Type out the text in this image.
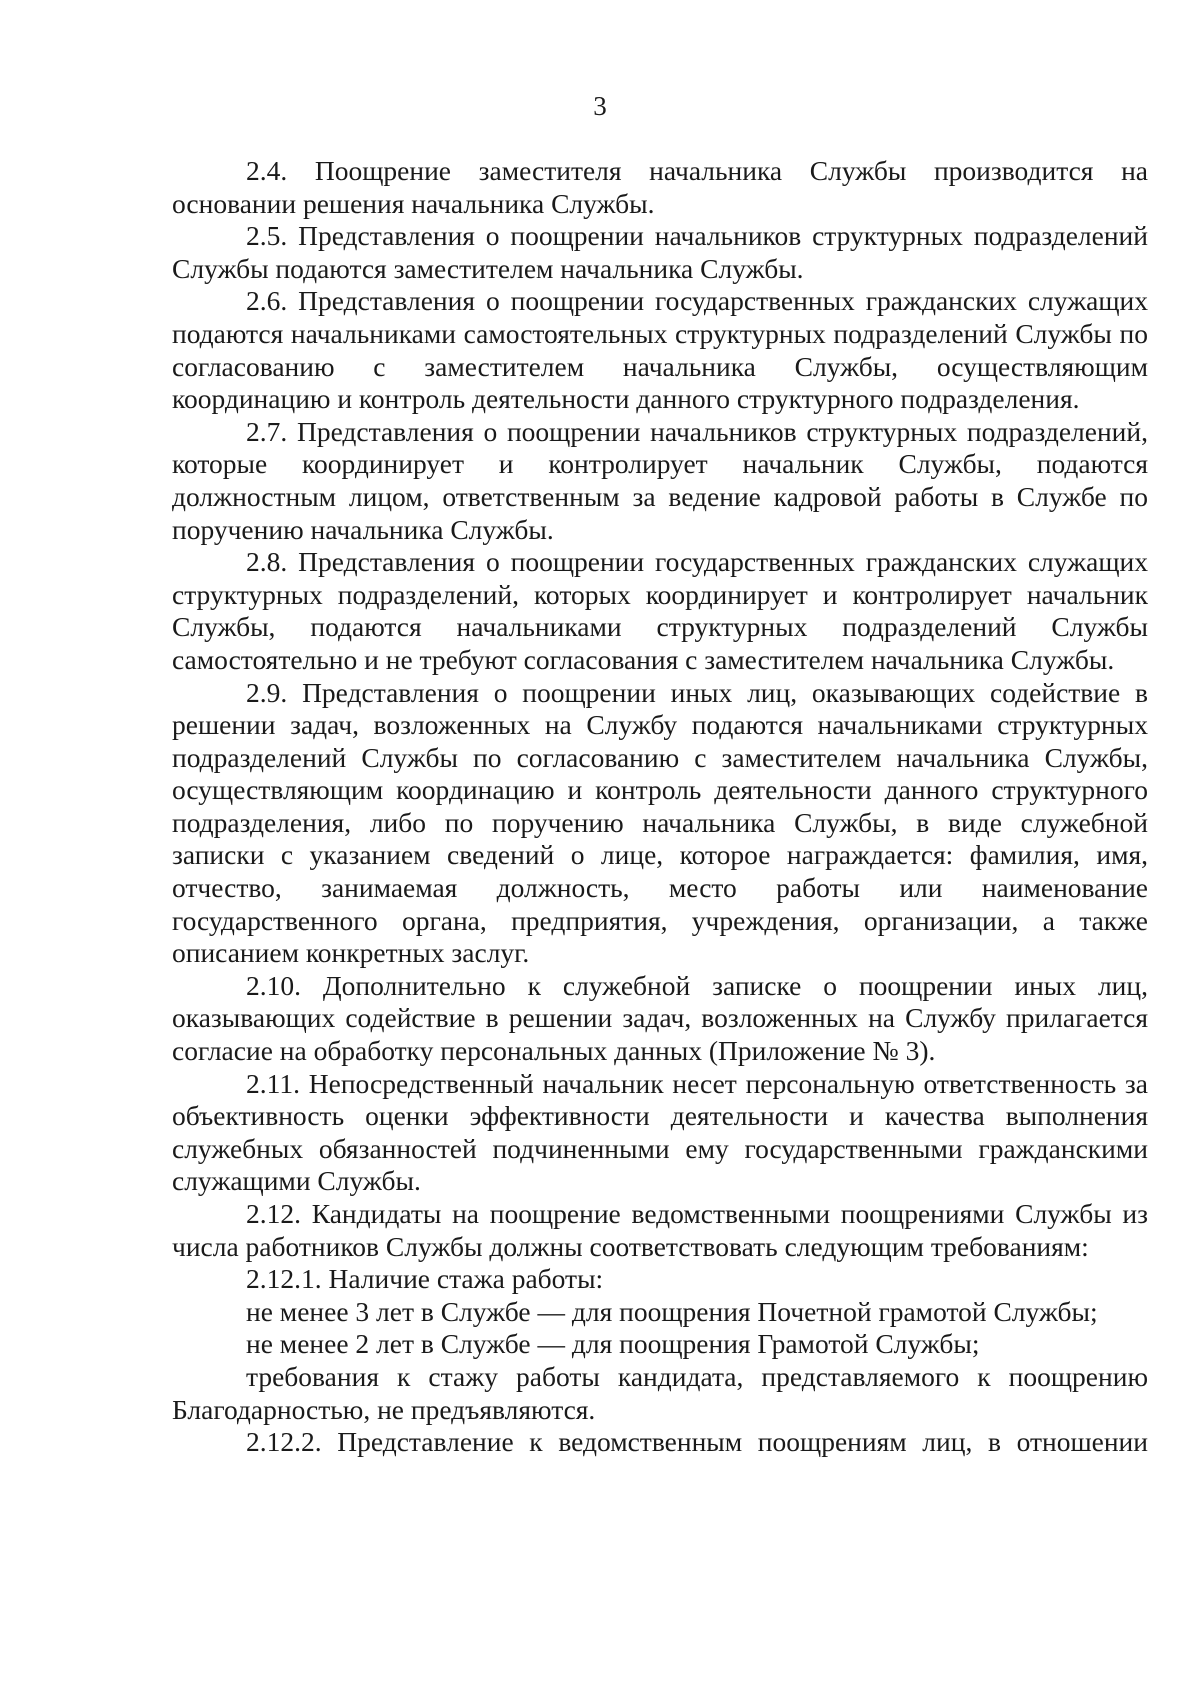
3

2.4. Поощрение заместителя начальника Службы производится на основании решения начальника Службы.

2.5. Представления о поощрении начальников структурных подразделений Службы подаются заместителем начальника Службы.

2.6. Представления о поощрении государственных гражданских служащих подаются начальниками самостоятельных структурных подразделений Службы по согласованию с заместителем начальника Службы, осуществляющим координацию и контроль деятельности данного структурного подразделения.

2.7. Представления о поощрении начальников структурных подразделений, которые координирует и контролирует начальник Службы, подаются должностным лицом, ответственным за ведение кадровой работы в Службе по поручению начальника Службы.

2.8. Представления о поощрении государственных гражданских служащих структурных подразделений, которых координирует и контролирует начальник Службы, подаются начальниками структурных подразделений Службы самостоятельно и не требуют согласования с заместителем начальника Службы.

2.9. Представления о поощрении иных лиц, оказывающих содействие в решении задач, возложенных на Службу подаются начальниками структурных подразделений Службы по согласованию с заместителем начальника Службы, осуществляющим координацию и контроль деятельности данного структурного подразделения, либо по поручению начальника Службы, в виде служебной записки с указанием сведений о лице, которое награждается: фамилия, имя, отчество, занимаемая должность, место работы или наименование государственного органа, предприятия, учреждения, организации, а также описанием конкретных заслуг.

2.10. Дополнительно к служебной записке о поощрении иных лиц, оказывающих содействие в решении задач, возложенных на Службу прилагается согласие на обработку персональных данных (Приложение № 3).

2.11. Непосредственный начальник несет персональную ответственность за объективность оценки эффективности деятельности и качества выполнения служебных обязанностей подчиненными ему государственными гражданскими служащими Службы.

2.12. Кандидаты на поощрение ведомственными поощрениями Службы из числа работников Службы должны соответствовать следующим требованиям:

2.12.1. Наличие стажа работы:

не менее 3 лет в Службе — для поощрения Почетной грамотой Службы;

не менее 2 лет в Службе — для поощрения Грамотой Службы;

требования к стажу работы кандидата, представляемого к поощрению Благодарностью, не предъявляются.

2.12.2. Представление к ведомственным поощрениям лиц, в отношении
